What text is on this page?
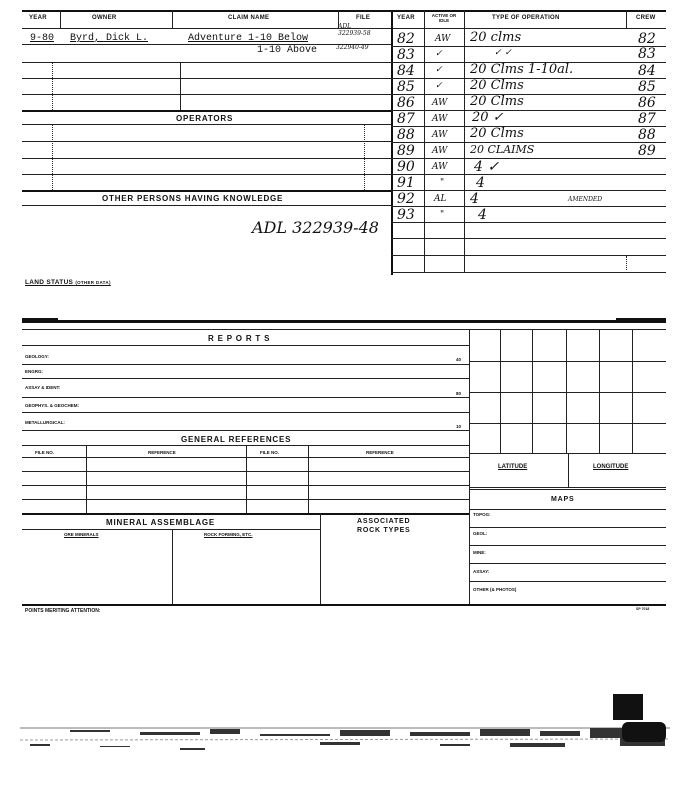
YEAR	OWNER	CLAIM NAME	FILE	YEAR	ACTIVE OR IDLE	TYPE OF OPERATION	CREW
OPERATORS
OTHER PERSONS HAVING KNOWLEDGE
9-80 Byrd, Dick L.	Adventure 1-10 Below
1-10 Above
ADL
322939-58
322940-49
82 AW 20 clms	82
83 ✓	✓ ✓	83
84 ✓ 20 Clms 1-10al.	84
85 ✓ 20 Clms	85
86 AW 20 Clms	86
87 AW 20 ✓	87
88 AW 20 Clms	88
89 AW 20 CLAIMS	89
90 AW 4 ✓
91	" 4
92 AL 4	AMENDED
93	" 4
ADL 322939-48
LAND STATUS (OTHER DATA)
R E P O R T S
GEOLOGY:
40
ENGRG:
ASSAY & IDENT:
80
GEOPHYS. & GEOCHEM:
METALLURGICAL:
10
GENERAL REFERENCES
FILE NO.	REFERENCE	FILE NO.	REFERENCE
MINERAL ASSEMBLAGE
ORE MINERALS	ROCK FORMING, ETC.
ASSOCIATED
ROCK TYPES
LATITUDE	LONGITUDE
MAPS
TOPOG:
GEOL:
MINE:
ASSAY:
OTHER (& PHOTOS)
POINTS MERITING ATTENTION:	SP 7018
